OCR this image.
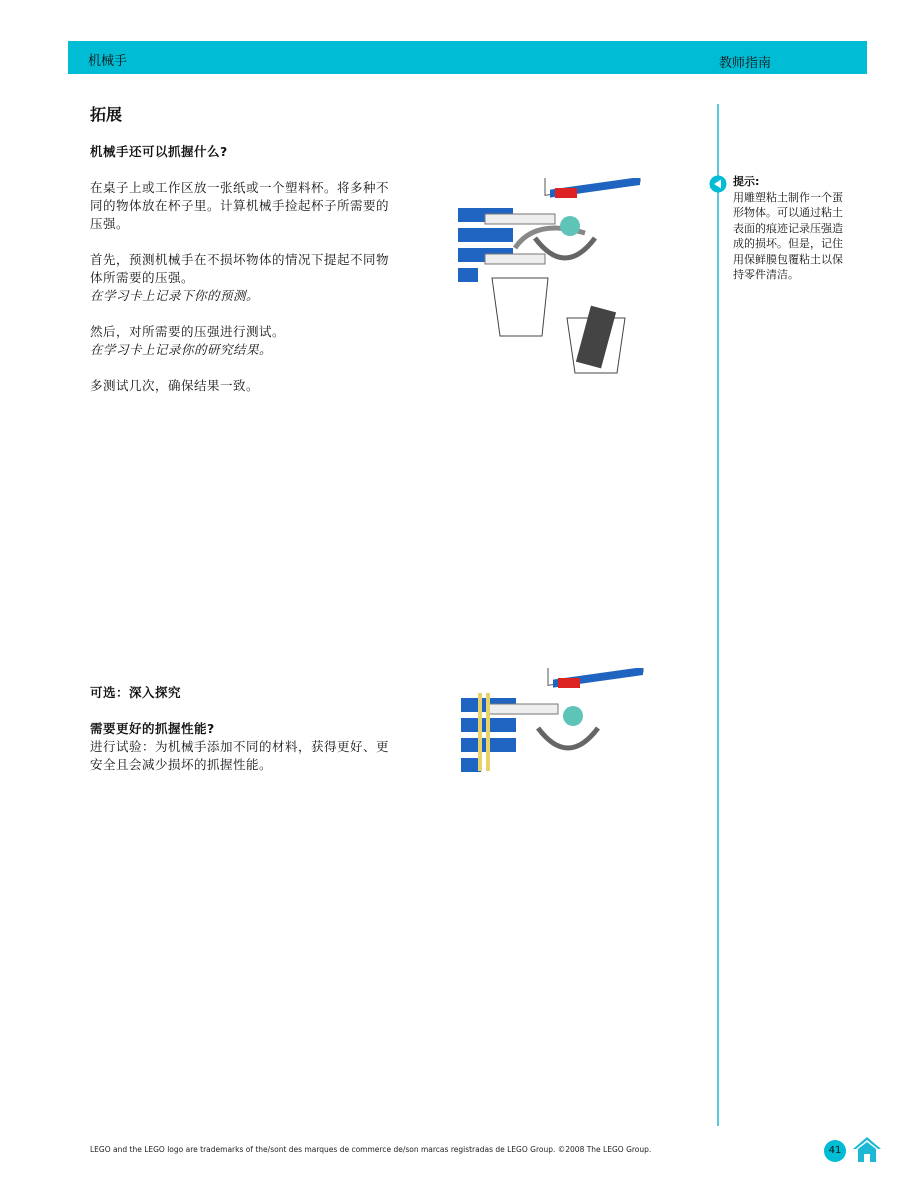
机械手	教师指南
拓展
机械手还可以抓握什么?
在桌子上或工作区放一张纸或一个塑料杯。将多种不同的物体放在杯子里。计算机械手捡起杯子所需要的压强。
首先，预测机械手在不损坏物体的情况下提起不同物体所需要的压强。
在学习卡上记录下你的预测。
然后，对所需要的压强进行测试。
在学习卡上记录你的研究结果。
多测试几次，确保结果一致。
可选：深入探究
需要更好的抓握性能?
进行试验：为机械手添加不同的材料，获得更好、更安全且会减少损坏的抓握性能。
提示:
用雕塑粘土制作一个蛋形物体。可以通过粘土表面的痕迹记录压强造成的损坏。但是，记住用保鲜膜包覆粘土以保持零件清洁。
LEGO and the LEGO logo are trademarks of the/sont des marques de commerce de/son marcas registradas de LEGO Group. ©2008 The LEGO Group.	41
